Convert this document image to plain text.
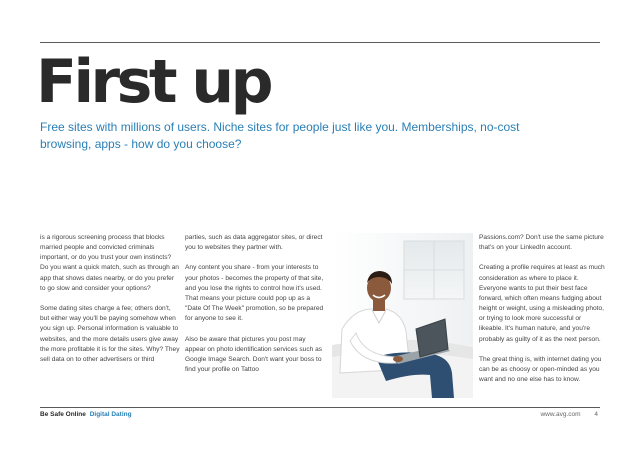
First up

Free sites with millions of users. Niche sites for people just like you. Memberships, no-cost browsing, apps - how do you choose?

is a rigorous screening process that blocks married people and convicted criminals important, or do you trust your own instincts? Do you want a quick match, such as through an app that shows dates nearby, or do you prefer to go slow and consider your options?

Some dating sites charge a fee; others don't, but either way you'll be paying somehow when you sign up. Personal information is valuable to websites, and the more details users give away the more profitable it is for the sites. Why? They sell data on to other advertisers or third

parties, such as data aggregator sites, or direct you to websites they partner with.

Any content you share - from your interests to your photos - becomes the property of that site, and you lose the rights to control how it's used. That means your picture could pop up as a "Date Of The Week" promotion, so be prepared for anyone to see it.

Also be aware that pictures you post may appear on photo identification services such as Google Image Search. Don't want your boss to find your profile on Tattoo

Passions.com? Don't use the same picture that's on your LinkedIn account.

Creating a profile requires at least as much consideration as where to place it. Everyone wants to put their best face forward, which often means fudging about height or weight, using a misleading photo, or trying to look more successful or likeable. It's human nature, and you're probably as guilty of it as the next person.

The great thing is, with internet dating you can be as choosy or open-minded as you want and no one else has to know.

Be Safe Online Digital Dating	www.avg.com 4
